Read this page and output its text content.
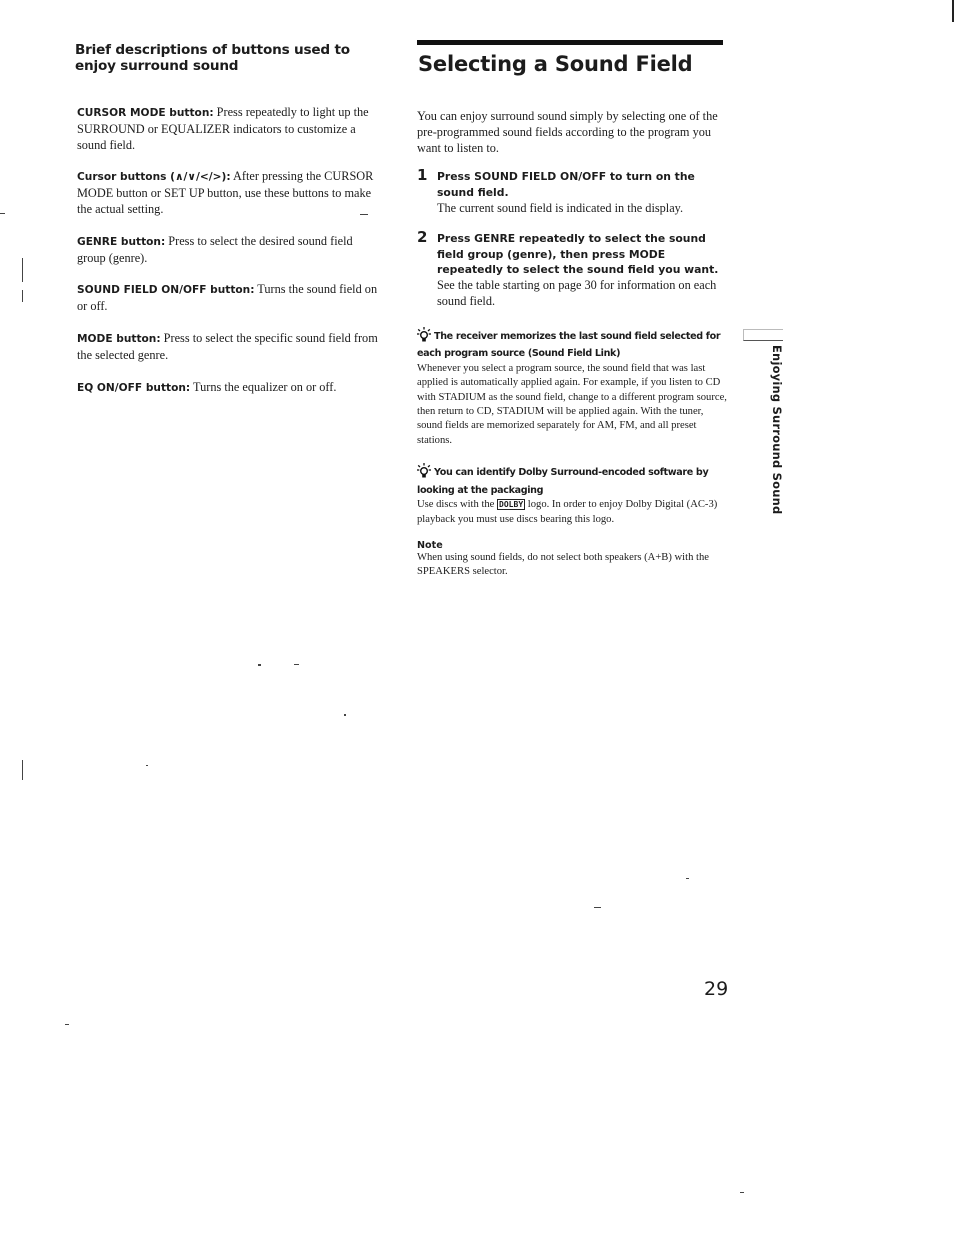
Brief descriptions of buttons used to
enjoy surround sound

CURSOR MODE button: Press repeatedly to light up the SURROUND or EQUALIZER indicators to customize a sound field.

Cursor buttons (∧/∨/</>): After pressing the CURSOR MODE button or SET UP button, use these buttons to make the actual setting.

GENRE button: Press to select the desired sound field group (genre).

SOUND FIELD ON/OFF button: Turns the sound field on or off.

MODE button: Press to select the specific sound field from the selected genre.

EQ ON/OFF button: Turns the equalizer on or off.

Selecting a Sound Field

You can enjoy surround sound simply by selecting one of the pre-programmed sound fields according to the program you want to listen to.

1 Press SOUND FIELD ON/OFF to turn on the sound field.
The current sound field is indicated in the display.
2 Press GENRE repeatedly to select the sound field group (genre), then press MODE repeatedly to select the sound field you want.
See the table starting on page 30 for information on each sound field.
The receiver memorizes the last sound field selected for each program source (Sound Field Link)
Whenever you select a program source, the sound field that was last applied is automatically applied again. For example, if you listen to CD with STADIUM as the sound field, change to a different program source, then return to CD, STADIUM will be applied again. With the tuner, sound fields are memorized separately for AM, FM, and all preset stations.
You can identify Dolby Surround-encoded software by looking at the packaging
Use discs with the DOLBY logo. In order to enjoy Dolby Digital (AC-3) playback you must use discs bearing this logo.
Note
When using sound fields, do not select both speakers (A+B) with the SPEAKERS selector.
Enjoying Surround Sound
29
